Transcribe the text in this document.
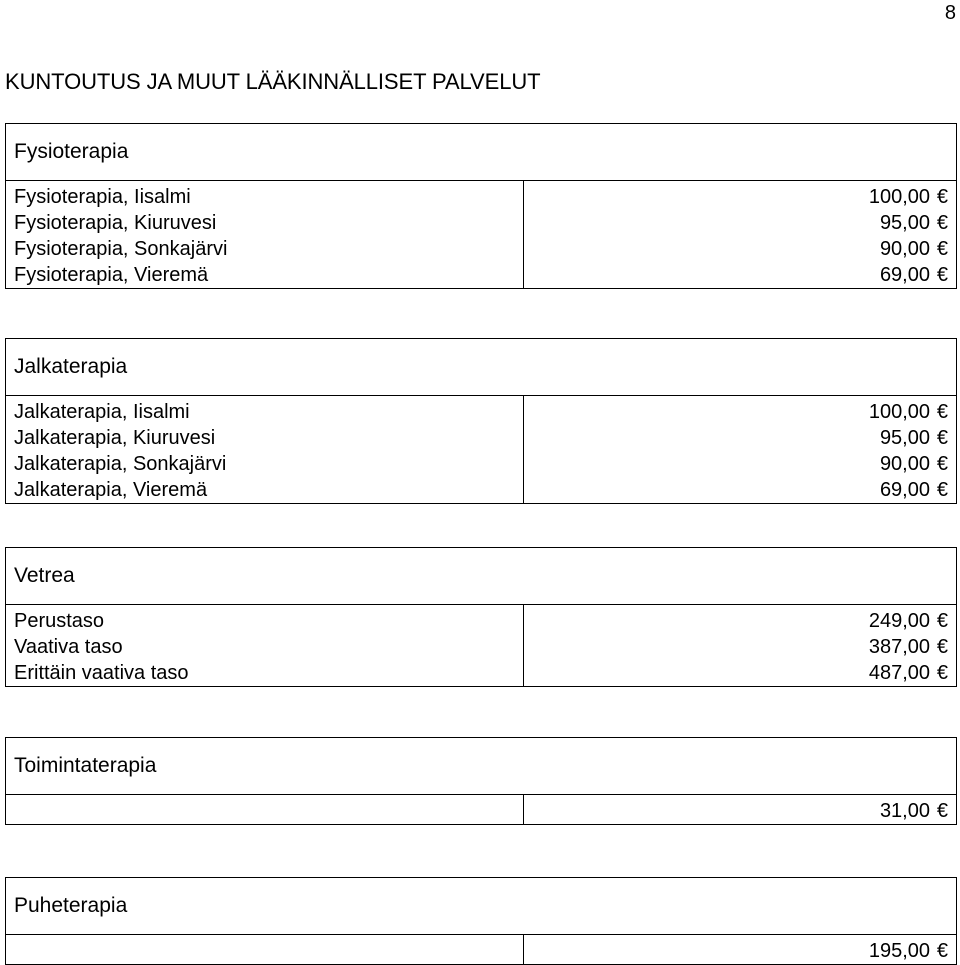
8
KUNTOUTUS JA MUUT LÄÄKINNÄLLISET PALVELUT
Fysioterapia
Fysioterapia, Iisalmi
Fysioterapia, Kiuruvesi
Fysioterapia, Sonkajärvi
Fysioterapia, Vieremä
100,00 €
95,00 €
90,00 €
69,00 €
Jalkaterapia
Jalkaterapia, Iisalmi
Jalkaterapia, Kiuruvesi
Jalkaterapia, Sonkajärvi
Jalkaterapia, Vieremä
100,00 €
95,00 €
90,00 €
69,00 €
Vetrea
Perustaso
Vaativa taso
Erittäin vaativa taso
249,00 €
387,00 €
487,00 €
Toimintaterapia
31,00 €
Puheterapia
195,00 €
